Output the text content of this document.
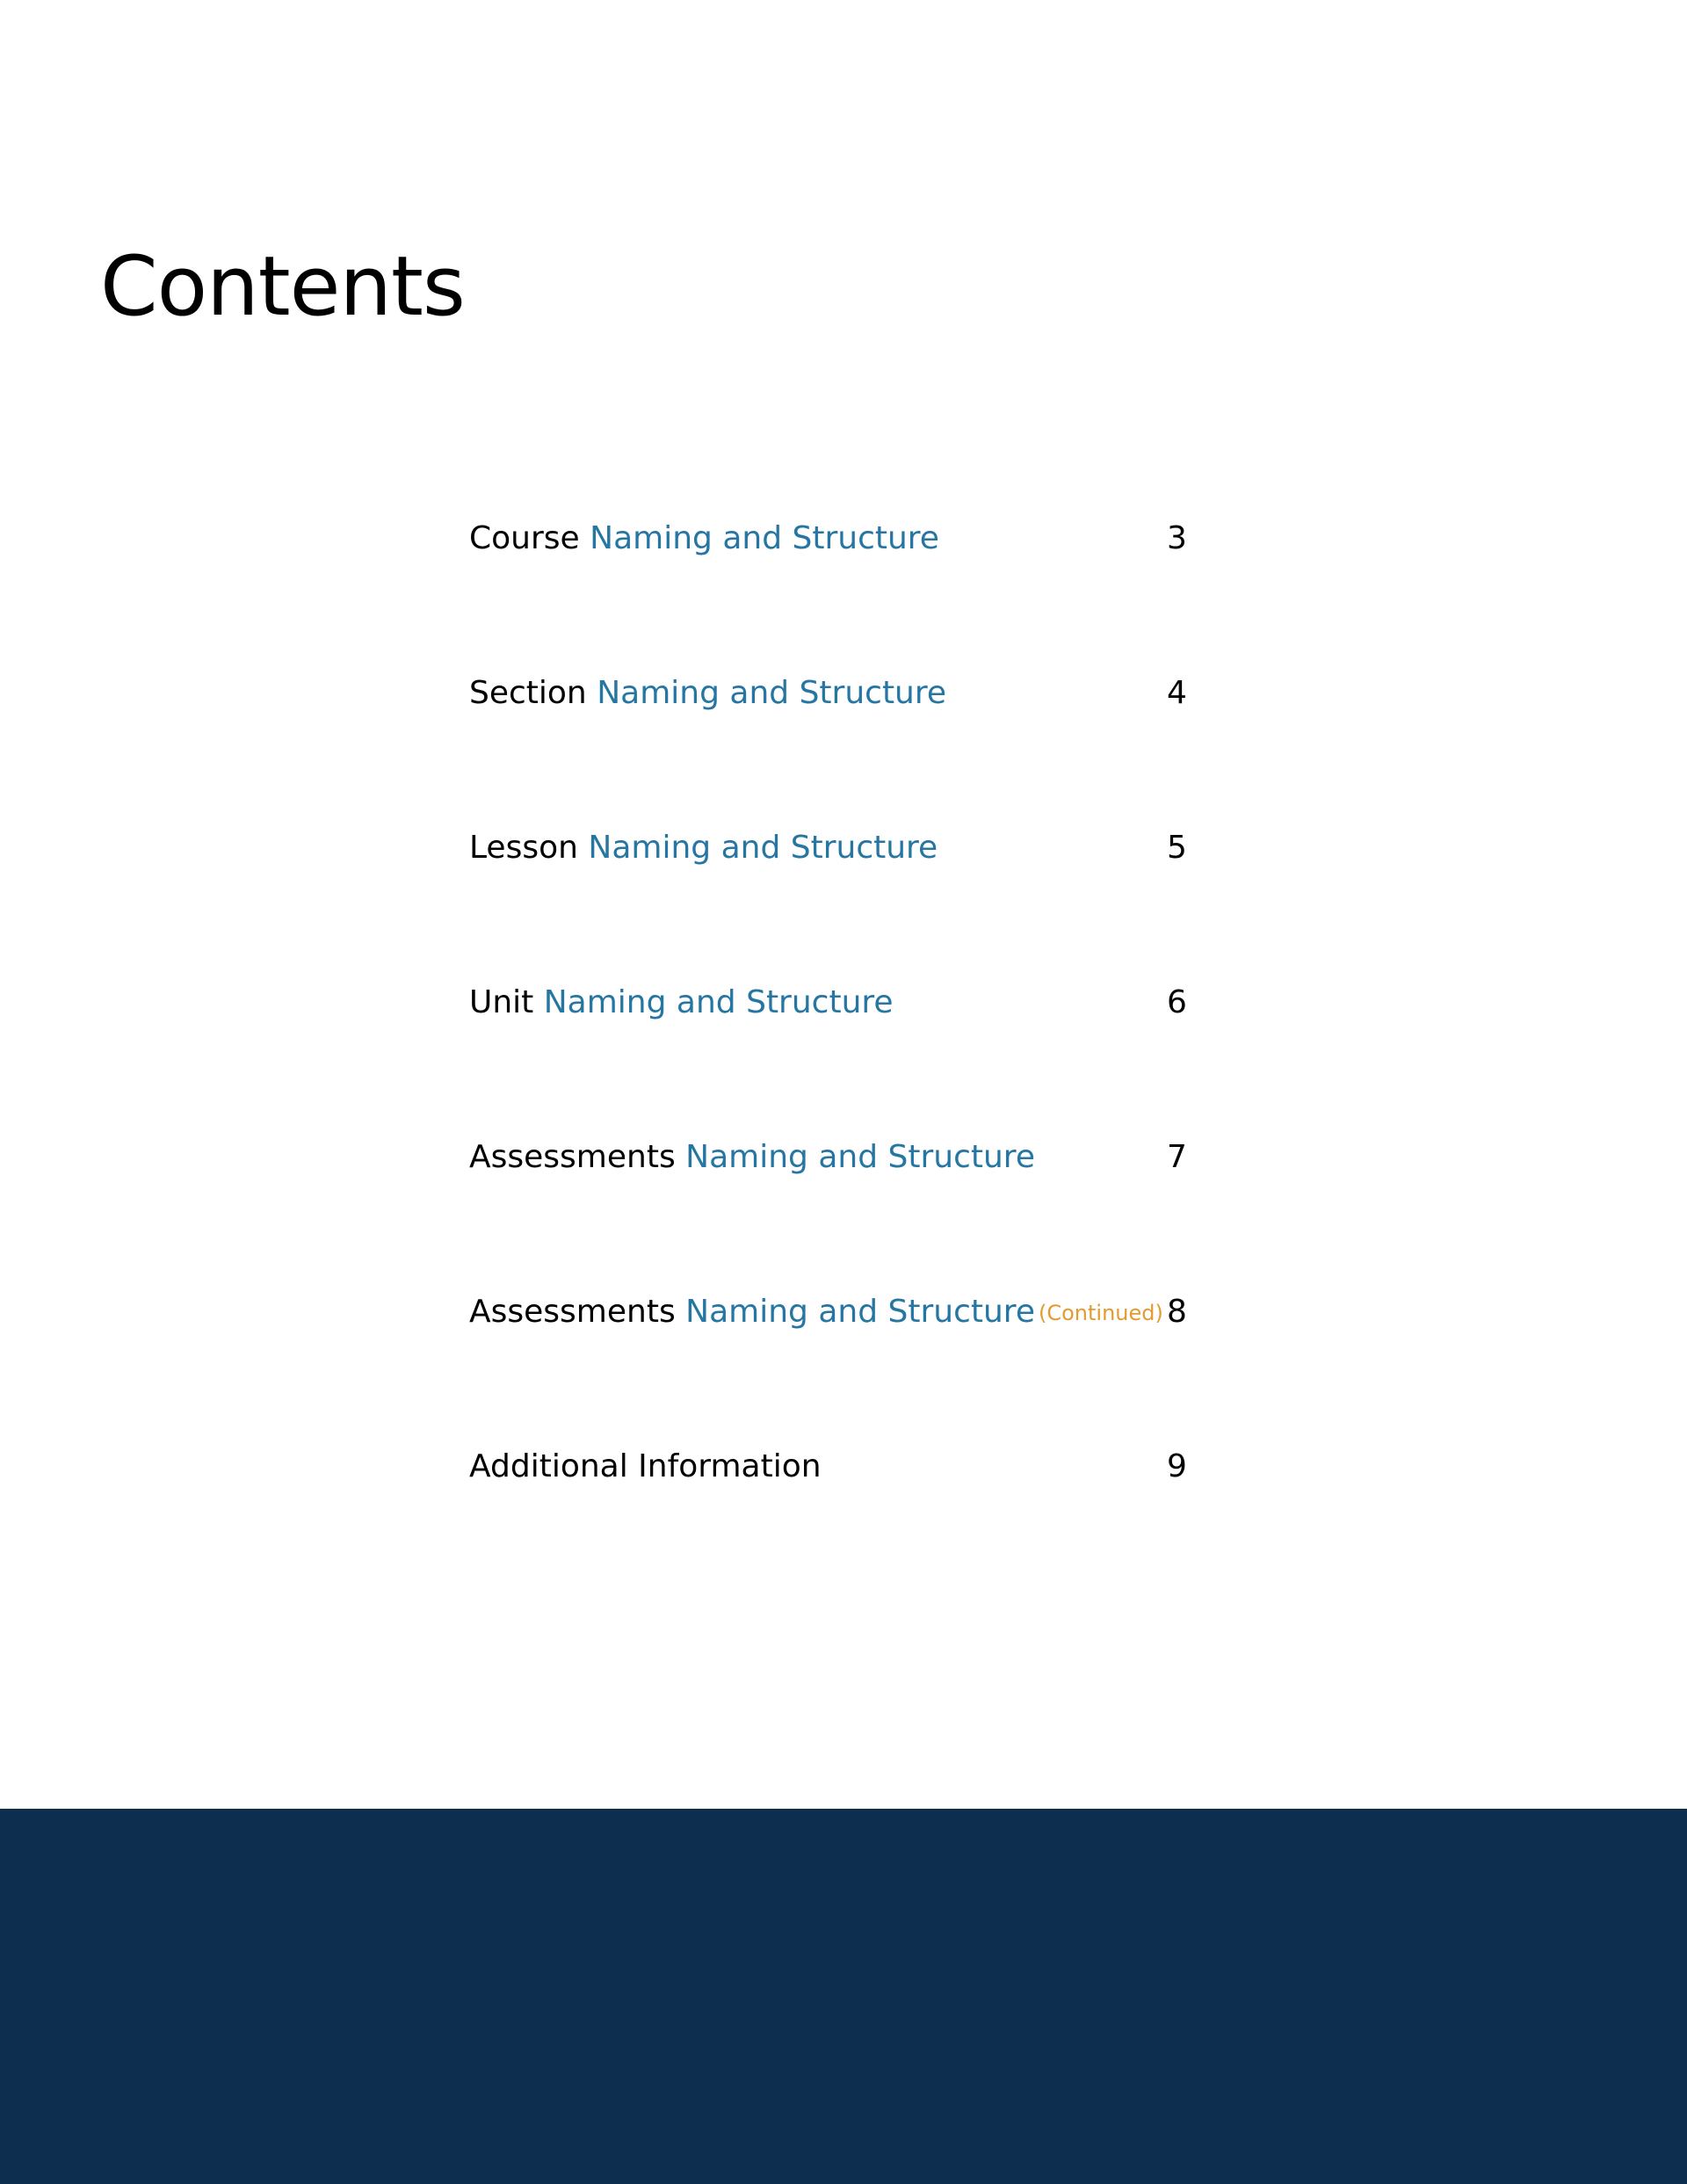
Contents
Course Naming and Structure	3
Section Naming and Structure	4
Lesson Naming and Structure	5
Unit Naming and Structure	6
Assessments Naming and Structure	7
Assessments Naming and Structure (Continued) 8
Additional Information	9
